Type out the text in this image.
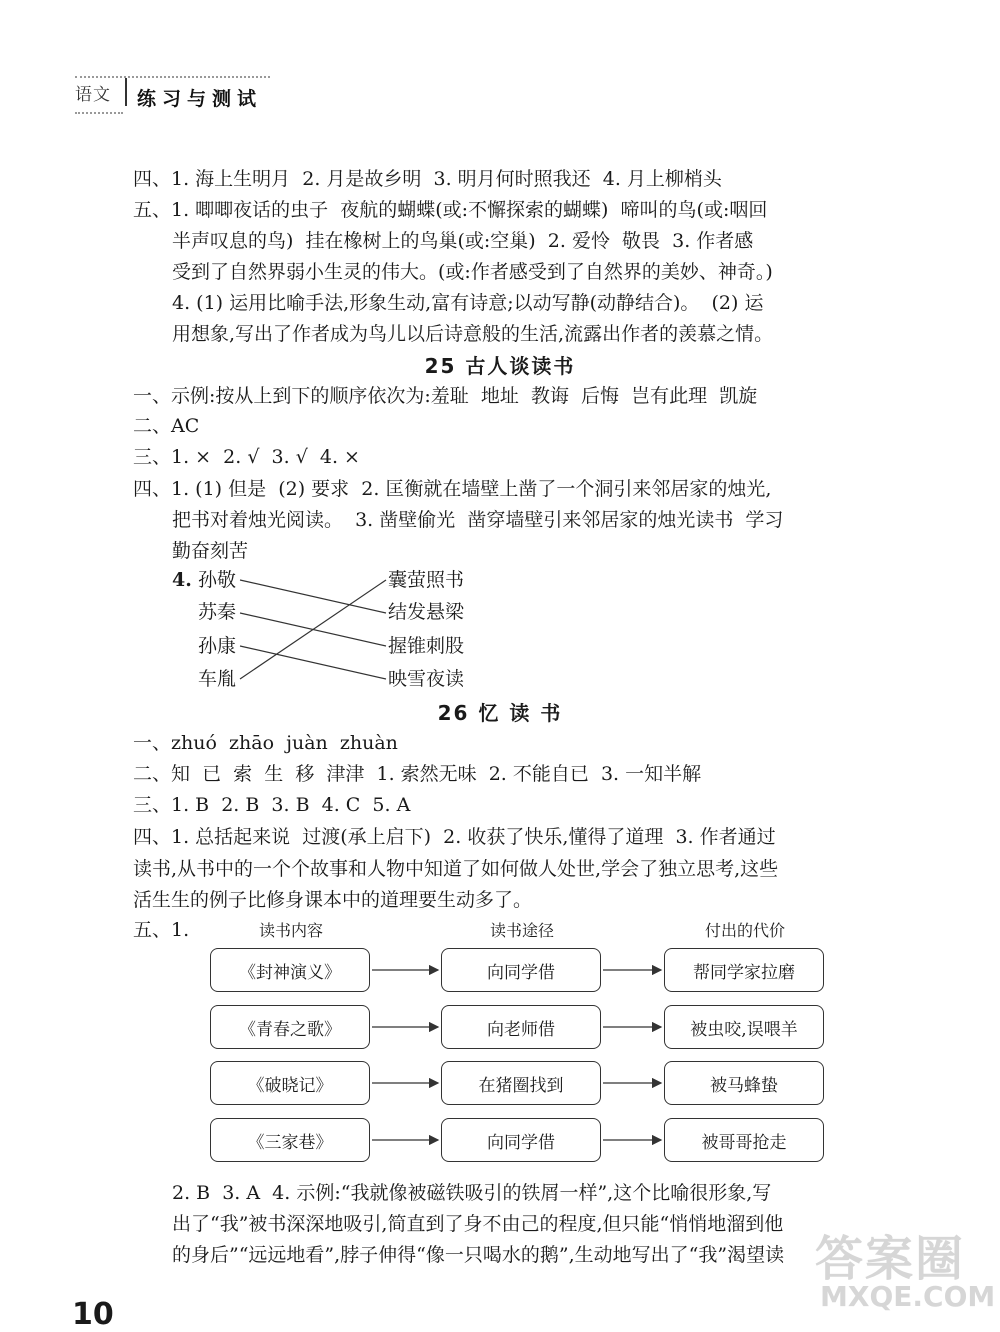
语文 练习与测试
四、1. 海上生明月  2. 月是故乡明  3. 明月何时照我还  4. 月上柳梢头
五、1. 唧唧夜话的虫子  夜航的蝴蝶(或:不懈探索的蝴蝶)  啼叫的鸟(或:咽回
半声叹息的鸟)  挂在橡树上的鸟巢(或:空巢)  2. 爱怜  敬畏  3. 作者感
受到了自然界弱小生灵的伟大。(或:作者感受到了自然界的美妙、神奇。)
4. (1) 运用比喻手法,形象生动,富有诗意;以动写静(动静结合)。  (2) 运
用想象,写出了作者成为鸟儿以后诗意般的生活,流露出作者的羡慕之情。
25 古人谈读书
一、示例:按从上到下的顺序依次为:羞耻  地址  教诲  后悔  岂有此理  凯旋
二、AC
三、1. ×  2. √  3. √  4. ×
四、1. (1) 但是  (2) 要求  2. 匡衡就在墙壁上凿了一个洞引来邻居家的烛光,
把书对着烛光阅读。  3. 凿壁偷光  凿穿墙壁引来邻居家的烛光读书  学习
勤奋刻苦
4. 孙敬
苏秦
孙康
车胤
囊萤照书
结发悬梁
握锥刺股
映雪夜读
26 忆 读 书
一、zhuó  zhāo  juàn  zhuàn
二、知  已  索  生  移  津津  1. 索然无味  2. 不能自已  3. 一知半解
三、1. B  2. B  3. B  4. C  5. A
四、1. 总括起来说  过渡(承上启下)  2. 收获了快乐,懂得了道理  3. 作者通过
读书,从书中的一个个故事和人物中知道了如何做人处世,学会了独立思考,这些
活生生的例子比修身课本中的道理要生动多了。
五、1.	读书内容	读书途径	付出的代价
《封神演义》	向同学借	帮同学家拉磨
《青春之歌》	向老师借	被虫咬,误喂羊
《破晓记》	在猪圈找到	被马蜂蛰
《三家巷》	向同学借	被哥哥抢走
2. B  3. A  4. 示例:“我就像被磁铁吸引的铁屑一样”,这个比喻很形象,写
出了“我”被书深深地吸引,简直到了身不由己的程度,但只能“悄悄地溜到他
的身后”“远远地看”,脖子伸得“像一只喝水的鹅”,生动地写出了“我”渴望读
10
答案圈
MXQE.COM
